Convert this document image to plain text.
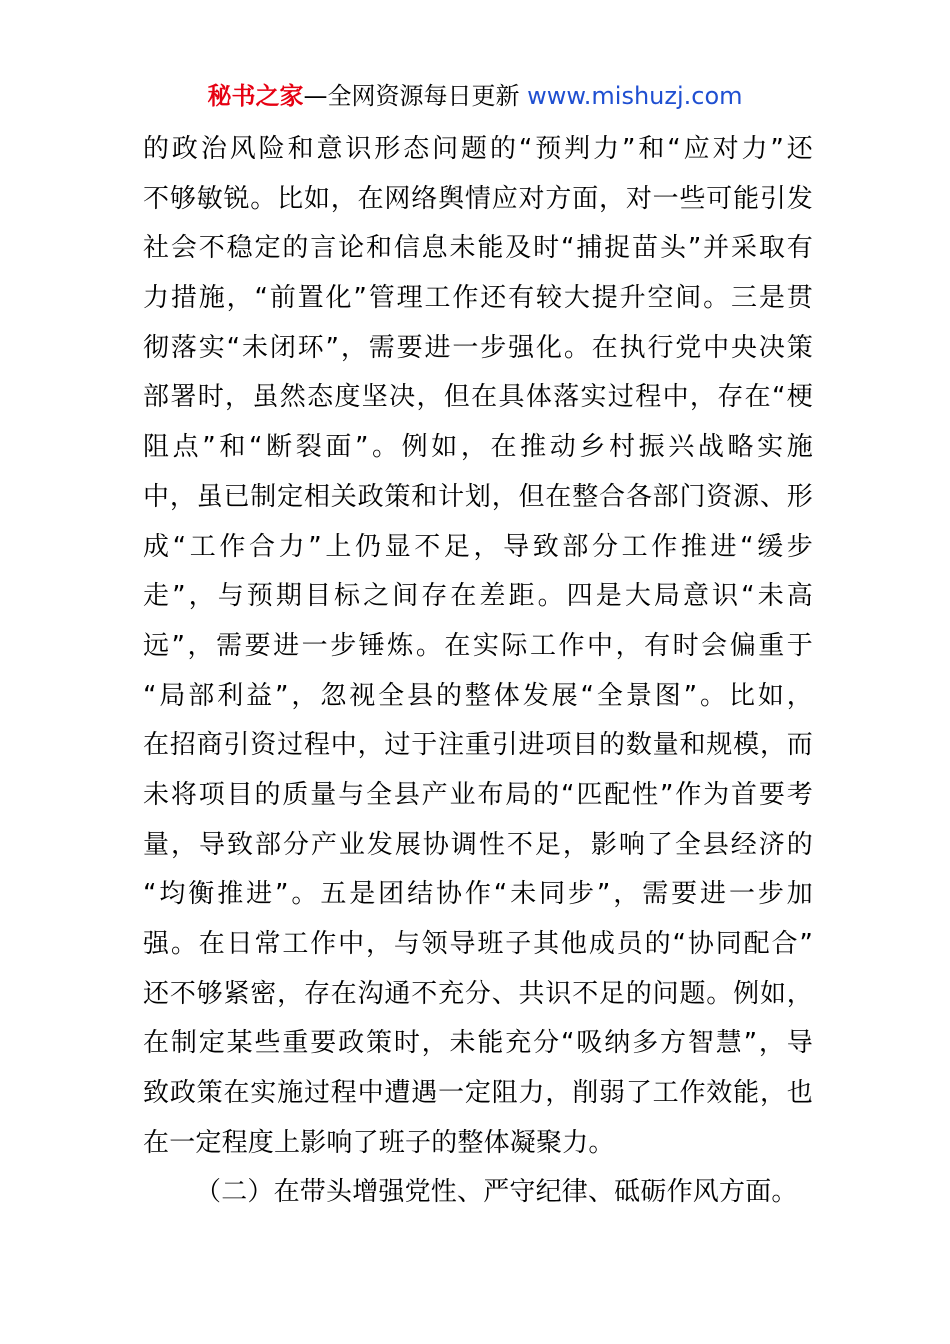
秘书之家—全网资源每日更新 www.mishuzj.com
的政治风险和意识形态问题的“预判力”和“应对力”还
不够敏锐。比如，在网络舆情应对方面，对一些可能引发
社会不稳定的言论和信息未能及时“捕捉苗头”并采取有
力措施，“前置化”管理工作还有较大提升空间。三是贯
彻落实“未闭环”，需要进一步强化。在执行党中央决策
部署时，虽然态度坚决，但在具体落实过程中，存在“梗
阻点”和“断裂面”。例如，在推动乡村振兴战略实施
中，虽已制定相关政策和计划，但在整合各部门资源、形
成“工作合力”上仍显不足，导致部分工作推进“缓步
走”，与预期目标之间存在差距。四是大局意识“未高
远”，需要进一步锤炼。在实际工作中，有时会偏重于
“局部利益”，忽视全县的整体发展“全景图”。比如，
在招商引资过程中，过于注重引进项目的数量和规模，而
未将项目的质量与全县产业布局的“匹配性”作为首要考
量，导致部分产业发展协调性不足，影响了全县经济的
“均衡推进”。五是团结协作“未同步”，需要进一步加
强。在日常工作中，与领导班子其他成员的“协同配合”
还不够紧密，存在沟通不充分、共识不足的问题。例如，
在制定某些重要政策时，未能充分“吸纳多方智慧”，导
致政策在实施过程中遭遇一定阻力，削弱了工作效能，也
在一定程度上影响了班子的整体凝聚力。
（二）在带头增强党性、严守纪律、砥砺作风方面。
